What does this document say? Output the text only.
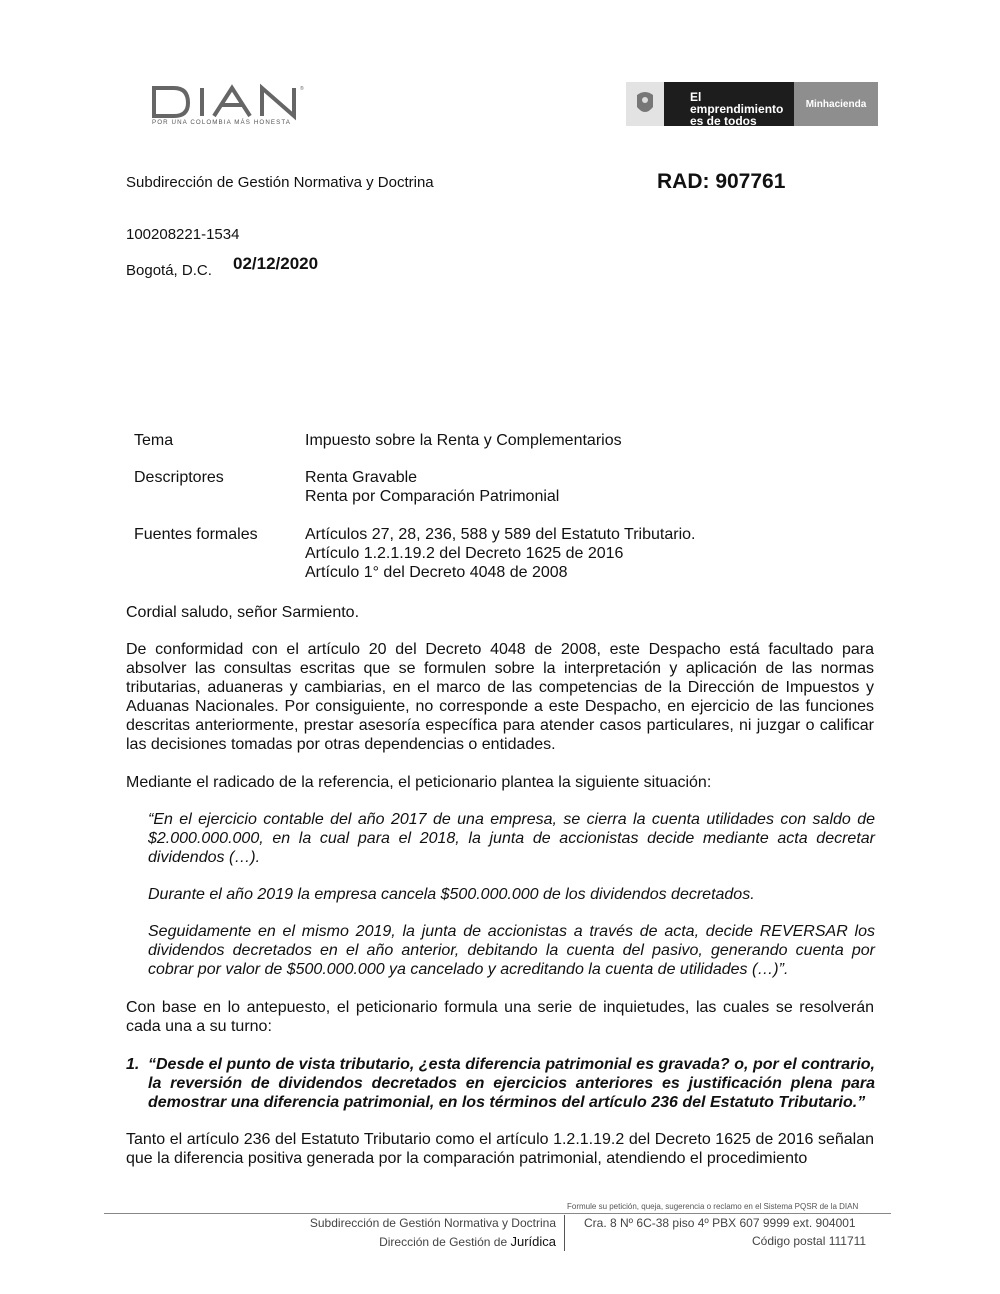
®
POR UNA COLOMBIA MÁS HONESTA
El emprendimiento
es de todos
Minhacienda
Subdirección de Gestión Normativa y Doctrina	RAD: 907761
100208221-1534
Bogotá, D.C. 02/12/2020
Tema	Impuesto sobre la Renta y Complementarios
Descriptores	Renta Gravable
Renta por Comparación Patrimonial
Fuentes formales	Artículos 27, 28, 236, 588 y 589 del Estatuto Tributario.
Artículo 1.2.1.19.2 del Decreto 1625 de 2016
Artículo 1° del Decreto 4048 de 2008
Cordial saludo, señor Sarmiento.
De conformidad con el artículo 20 del Decreto 4048 de 2008, este Despacho está facultado para absolver las consultas escritas que se formulen sobre la interpretación y aplicación de las normas tributarias, aduaneras y cambiarias, en el marco de las competencias de la Dirección de Impuestos y Aduanas Nacionales. Por consiguiente, no corresponde a este Despacho, en ejercicio de las funciones descritas anteriormente, prestar asesoría específica para atender casos particulares, ni juzgar o calificar las decisiones tomadas por otras dependencias o entidades.
Mediante el radicado de la referencia, el peticionario plantea la siguiente situación:
“En el ejercicio contable del año 2017 de una empresa, se cierra la cuenta utilidades con saldo de $2.000.000.000, en la cual para el 2018, la junta de accionistas decide mediante acta decretar dividendos (…).
Durante el año 2019 la empresa cancela $500.000.000 de los dividendos decretados.
Seguidamente en el mismo 2019, la junta de accionistas a través de acta, decide REVERSAR los dividendos decretados en el año anterior, debitando la cuenta del pasivo, generando cuenta por cobrar por valor de $500.000.000 ya cancelado y acreditando la cuenta de utilidades (…)”.
Con base en lo antepuesto, el peticionario formula una serie de inquietudes, las cuales se resolverán cada una a su turno:
1. “Desde el punto de vista tributario, ¿esta diferencia patrimonial es gravada? o, por el contrario, la reversión de dividendos decretados en ejercicios anteriores es justificación plena para demostrar una diferencia patrimonial, en los términos del artículo 236 del Estatuto Tributario.”
Tanto el artículo 236 del Estatuto Tributario como el artículo 1.2.1.19.2 del Decreto 1625 de 2016 señalan que la diferencia positiva generada por la comparación patrimonial, atendiendo el procedimiento
Formule su petición, queja, sugerencia o reclamo en el Sistema PQSR de la DIAN
Subdirección de Gestión Normativa y Doctrina
Dirección de Gestión de Jurídica
Cra. 8 Nº 6C-38 piso 4º PBX 607 9999 ext. 904001
Código postal 111711
